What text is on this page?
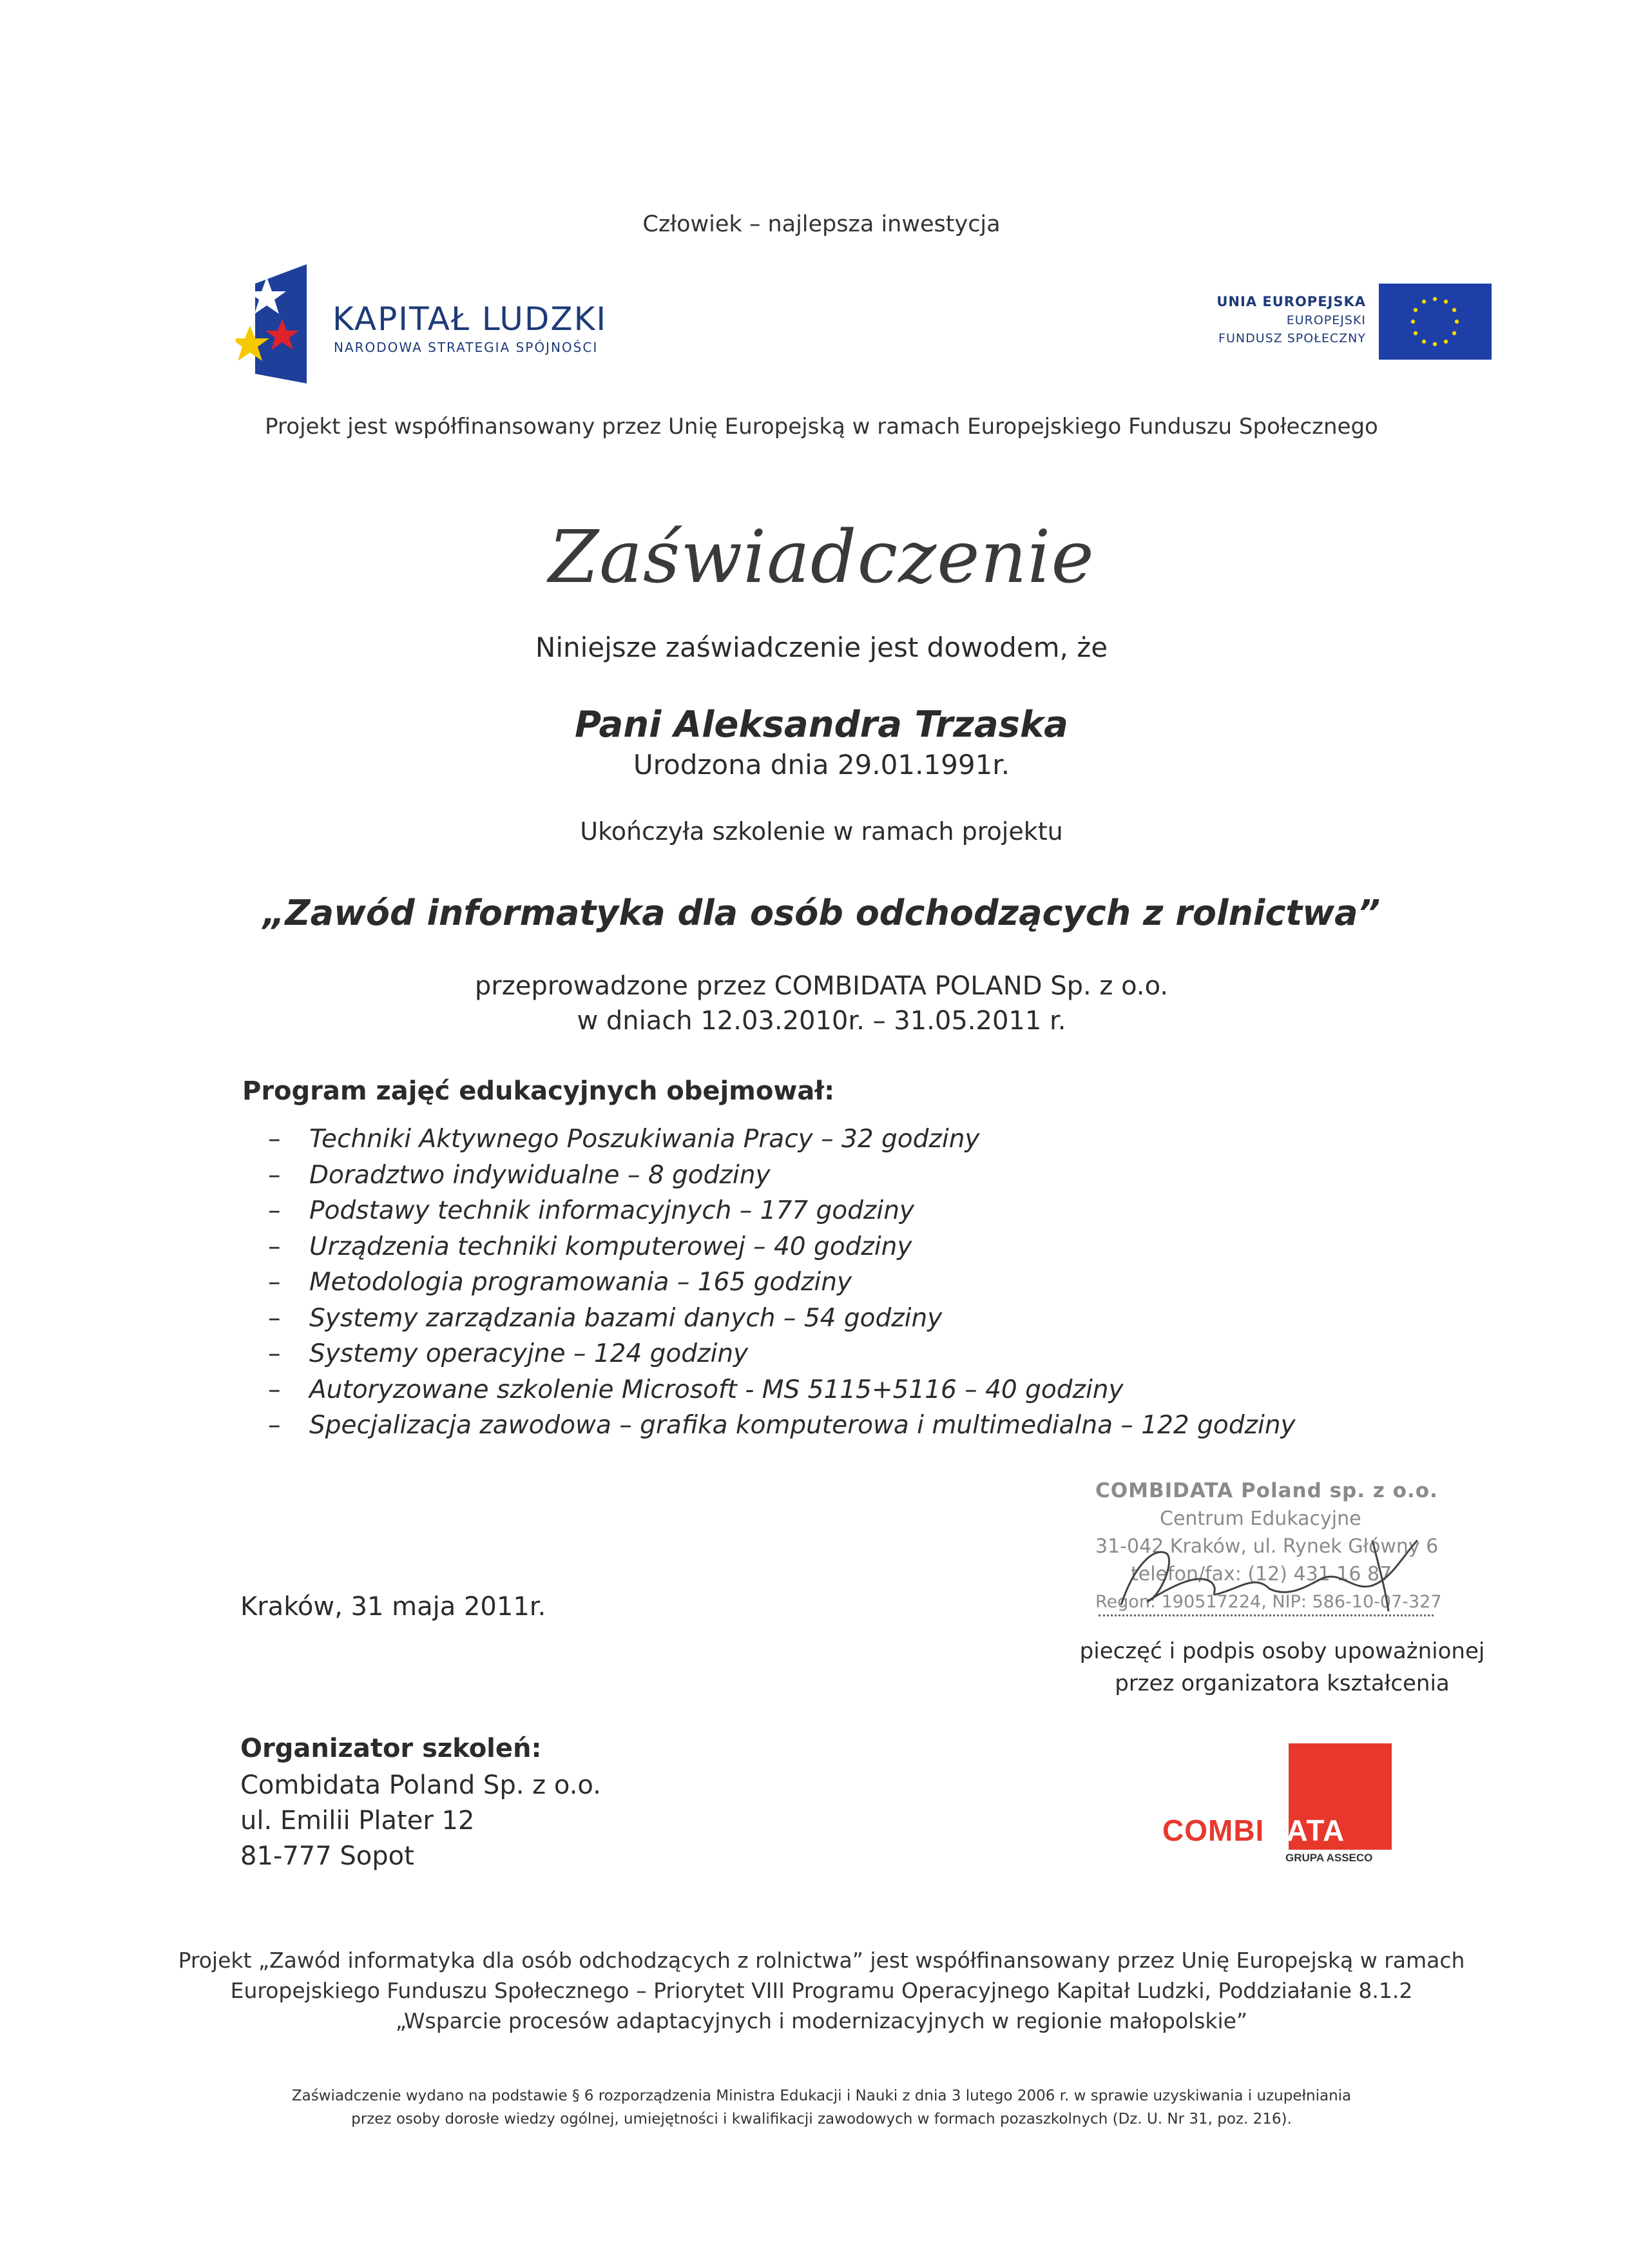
Człowiek – najlepsza inwestycja
KAPITAŁ LUDZKI
NARODOWA STRATEGIA SPÓJNOŚCI
UNIA EUROPEJSKA
EUROPEJSKI
FUNDUSZ SPOŁECZNY
Projekt jest współfinansowany przez Unię Europejską w ramach Europejskiego Funduszu Społecznego
Zaświadczenie
Niniejsze zaświadczenie jest dowodem, że
Pani Aleksandra Trzaska
Urodzona dnia 29.01.1991r.
Ukończyła szkolenie w ramach projektu
„Zawód informatyka dla osób odchodzących z rolnictwa”
przeprowadzone przez COMBIDATA POLAND Sp. z o.o.
w dniach 12.03.2010r. – 31.05.2011 r.
Program zajęć edukacyjnych obejmował:
– Techniki Aktywnego Poszukiwania Pracy – 32 godziny
– Doradztwo indywidualne – 8 godziny
– Podstawy technik informacyjnych – 177 godziny
– Urządzenia techniki komputerowej – 40 godziny
– Metodologia programowania – 165 godziny
– Systemy zarządzania bazami danych – 54 godziny
– Systemy operacyjne – 124 godziny
– Autoryzowane szkolenie Microsoft - MS 5115+5116 – 40 godziny
– Specjalizacja zawodowa – grafika komputerowa i multimedialna – 122 godziny
Kraków, 31 maja 2011r.
COMBIDATA Poland sp. z o.o.
Centrum Edukacyjne
31-042 Kraków, ul. Rynek Główny 6
telefon/fax: (12) 431 16 87
Regon: 190517224, NIP: 586-10-07-327
pieczęć i podpis osoby upoważnionej
przez organizatora kształcenia
Organizator szkoleń:
Combidata Poland Sp. z o.o.
ul. Emilii Plater 12
81-777 Sopot
COMBIDATA
GRUPA ASSECO
Projekt „Zawód informatyka dla osób odchodzących z rolnictwa” jest współfinansowany przez Unię Europejską w ramach
Europejskiego Funduszu Społecznego – Priorytet VIII Programu Operacyjnego Kapitał Ludzki, Poddziałanie 8.1.2
„Wsparcie procesów adaptacyjnych i modernizacyjnych w regionie małopolskie”
Zaświadczenie wydano na podstawie § 6 rozporządzenia Ministra Edukacji i Nauki z dnia 3 lutego 2006 r. w sprawie uzyskiwania i uzupełniania
przez osoby dorosłe wiedzy ogólnej, umiejętności i kwalifikacji zawodowych w formach pozaszkolnych (Dz. U. Nr 31, poz. 216).
